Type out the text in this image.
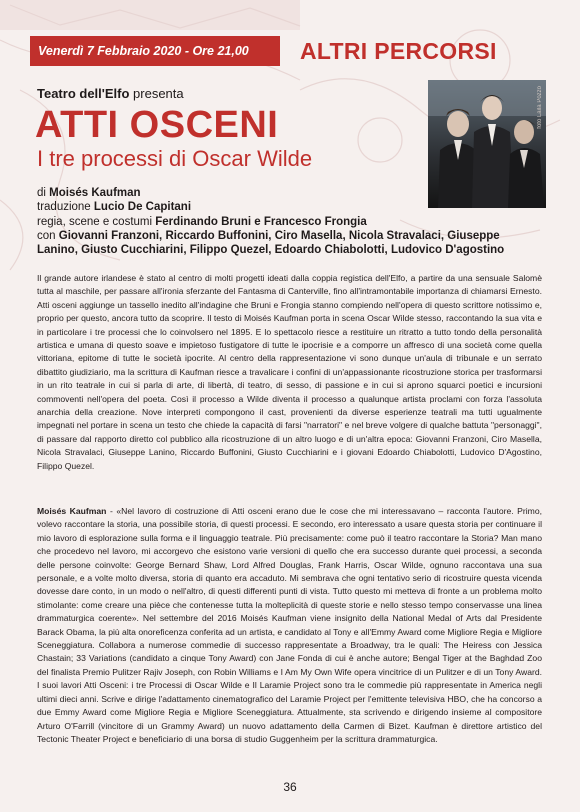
Venerdì 7 Febbraio 2020 - Ore 21,00	ALTRI PERCORSI
Teatro dell'Elfo presenta
ATTI OSCENI
I tre processi di Oscar Wilde
foto Laila Pozzo
di Moisés Kaufman
traduzione Lucio De Capitani
regia, scene e costumi Ferdinando Bruni e Francesco Frongia
con Giovanni Franzoni, Riccardo Buffonini, Ciro Masella, Nicola Stravalaci, Giuseppe Lanino, Giusto Cucchiarini, Filippo Quezel, Edoardo Chiabolotti, Ludovico D'agostino
Il grande autore irlandese è stato al centro di molti progetti ideati dalla coppia registica dell'Elfo, a partire da una sensuale Salomè tutta al maschile, per passare all'ironia sferzante del Fantasma di Canterville, fino all'intramontabile importanza di chiamarsi Ernesto. Atti osceni aggiunge un tassello inedito all'indagine che Bruni e Frongia stanno compiendo nell'opera di questo scrittore notissimo e, proprio per questo, ancora tutto da scoprire. Il testo di Moisés Kaufman porta in scena Oscar Wilde stesso, raccontando la sua vita e in particolare i tre processi che lo coinvolsero nel 1895. E lo spettacolo riesce a restituire un ritratto a tutto tondo della personalità artistica e umana di questo soave e impietoso fustigatore di tutte le ipocrisie e a comporre un affresco di una società come quella vittoriana, epitome di tutte le società ipocrite. Al centro della rappresentazione vi sono dunque un'aula di tribunale e un serrato dibattito giudiziario, ma la scrittura di Kaufman riesce a travalicare i confini di un'appassionante ricostruzione storica per trasformarsi in un rito teatrale in cui si parla di arte, di libertà, di teatro, di sesso, di passione e in cui si aprono squarci poetici e incursioni commoventi nell'opera del poeta. Così il processo a Wilde diventa il processo a qualunque artista proclami con forza l'assoluta anarchia della creazione. Nove interpreti compongono il cast, provenienti da diverse esperienze teatrali ma tutti ugualmente impegnati nel portare in scena un testo che chiede la capacità di farsi "narratori" e nel breve volgere di qualche battuta "personaggi", di passare dal rapporto diretto col pubblico alla ricostruzione di un altro luogo e di un'altra epoca: Giovanni Franzoni, Ciro Masella, Nicola Stravalaci, Giuseppe Lanino, Riccardo Buffonini, Giusto Cucchiarini e i giovani Edoardo Chiabolotti, Ludovico D'Agostino, Filippo Quezel.
Moisés Kaufman - «Nel lavoro di costruzione di Atti osceni erano due le cose che mi interessavano – racconta l'autore. Primo, volevo raccontare la storia, una possibile storia, di questi processi. E secondo, ero interessato a usare questa storia per continuare il mio lavoro di esplorazione sulla forma e il linguaggio teatrale. Più precisamente: come può il teatro raccontare la Storia? Man mano che procedevo nel lavoro, mi accorgevo che esistono varie versioni di quello che era successo durante quei processi, a seconda delle persone coinvolte: George Bernard Shaw, Lord Alfred Douglas, Frank Harris, Oscar Wilde, ognuno raccontava una sua personale, e a volte molto diversa, storia di quanto era accaduto. Mi sembrava che ogni tentativo serio di ricostruire questa vicenda dovesse dare conto, in un modo o nell'altro, di questi differenti punti di vista. Tutto questo mi metteva di fronte a un problema molto stimolante: come creare una pièce che contenesse tutta la molteplicità di queste storie e nello stesso tempo conservasse una linea drammaturgica coerente». Nel settembre del 2016 Moisés Kaufman viene insignito della National Medal of Arts dal Presidente Barack Obama, la più alta onoreficenza conferita ad un artista, e candidato al Tony e all'Emmy Award come Migliore Regia e Migliore Sceneggiatura. Collabora a numerose commedie di successo rappresentate a Broadway, tra le quali: The Heiress con Jessica Chastain; 33 Variations (candidato a cinque Tony Award) con Jane Fonda di cui è anche autore; Bengal Tiger at the Baghdad Zoo del finalista Premio Pulitzer Rajiv Joseph, con Robin Williams e I Am My Own Wife opera vincitrice di un Pulitzer e di un Tony Award. I suoi lavori Atti Osceni: i tre Processi di Oscar Wilde e Il Laramie Project sono tra le commedie più rappresentate in America negli ultimi dieci anni. Scrive e dirige l'adattamento cinematografico del Laramie Project per l'emittente televisiva HBO, che ha concorso a due Emmy Award come Migliore Regia e Migliore Sceneggiatura. Attualmente, sta scrivendo e dirigendo insieme al compositore Arturo O'Farrill (vincitore di un Grammy Award) un nuovo adattamento della Carmen di Bizet. Kaufman è direttore artistico del Tectonic Theater Project e beneficiario di una borsa di studio Guggenheim per la scrittura drammaturgica.
36
